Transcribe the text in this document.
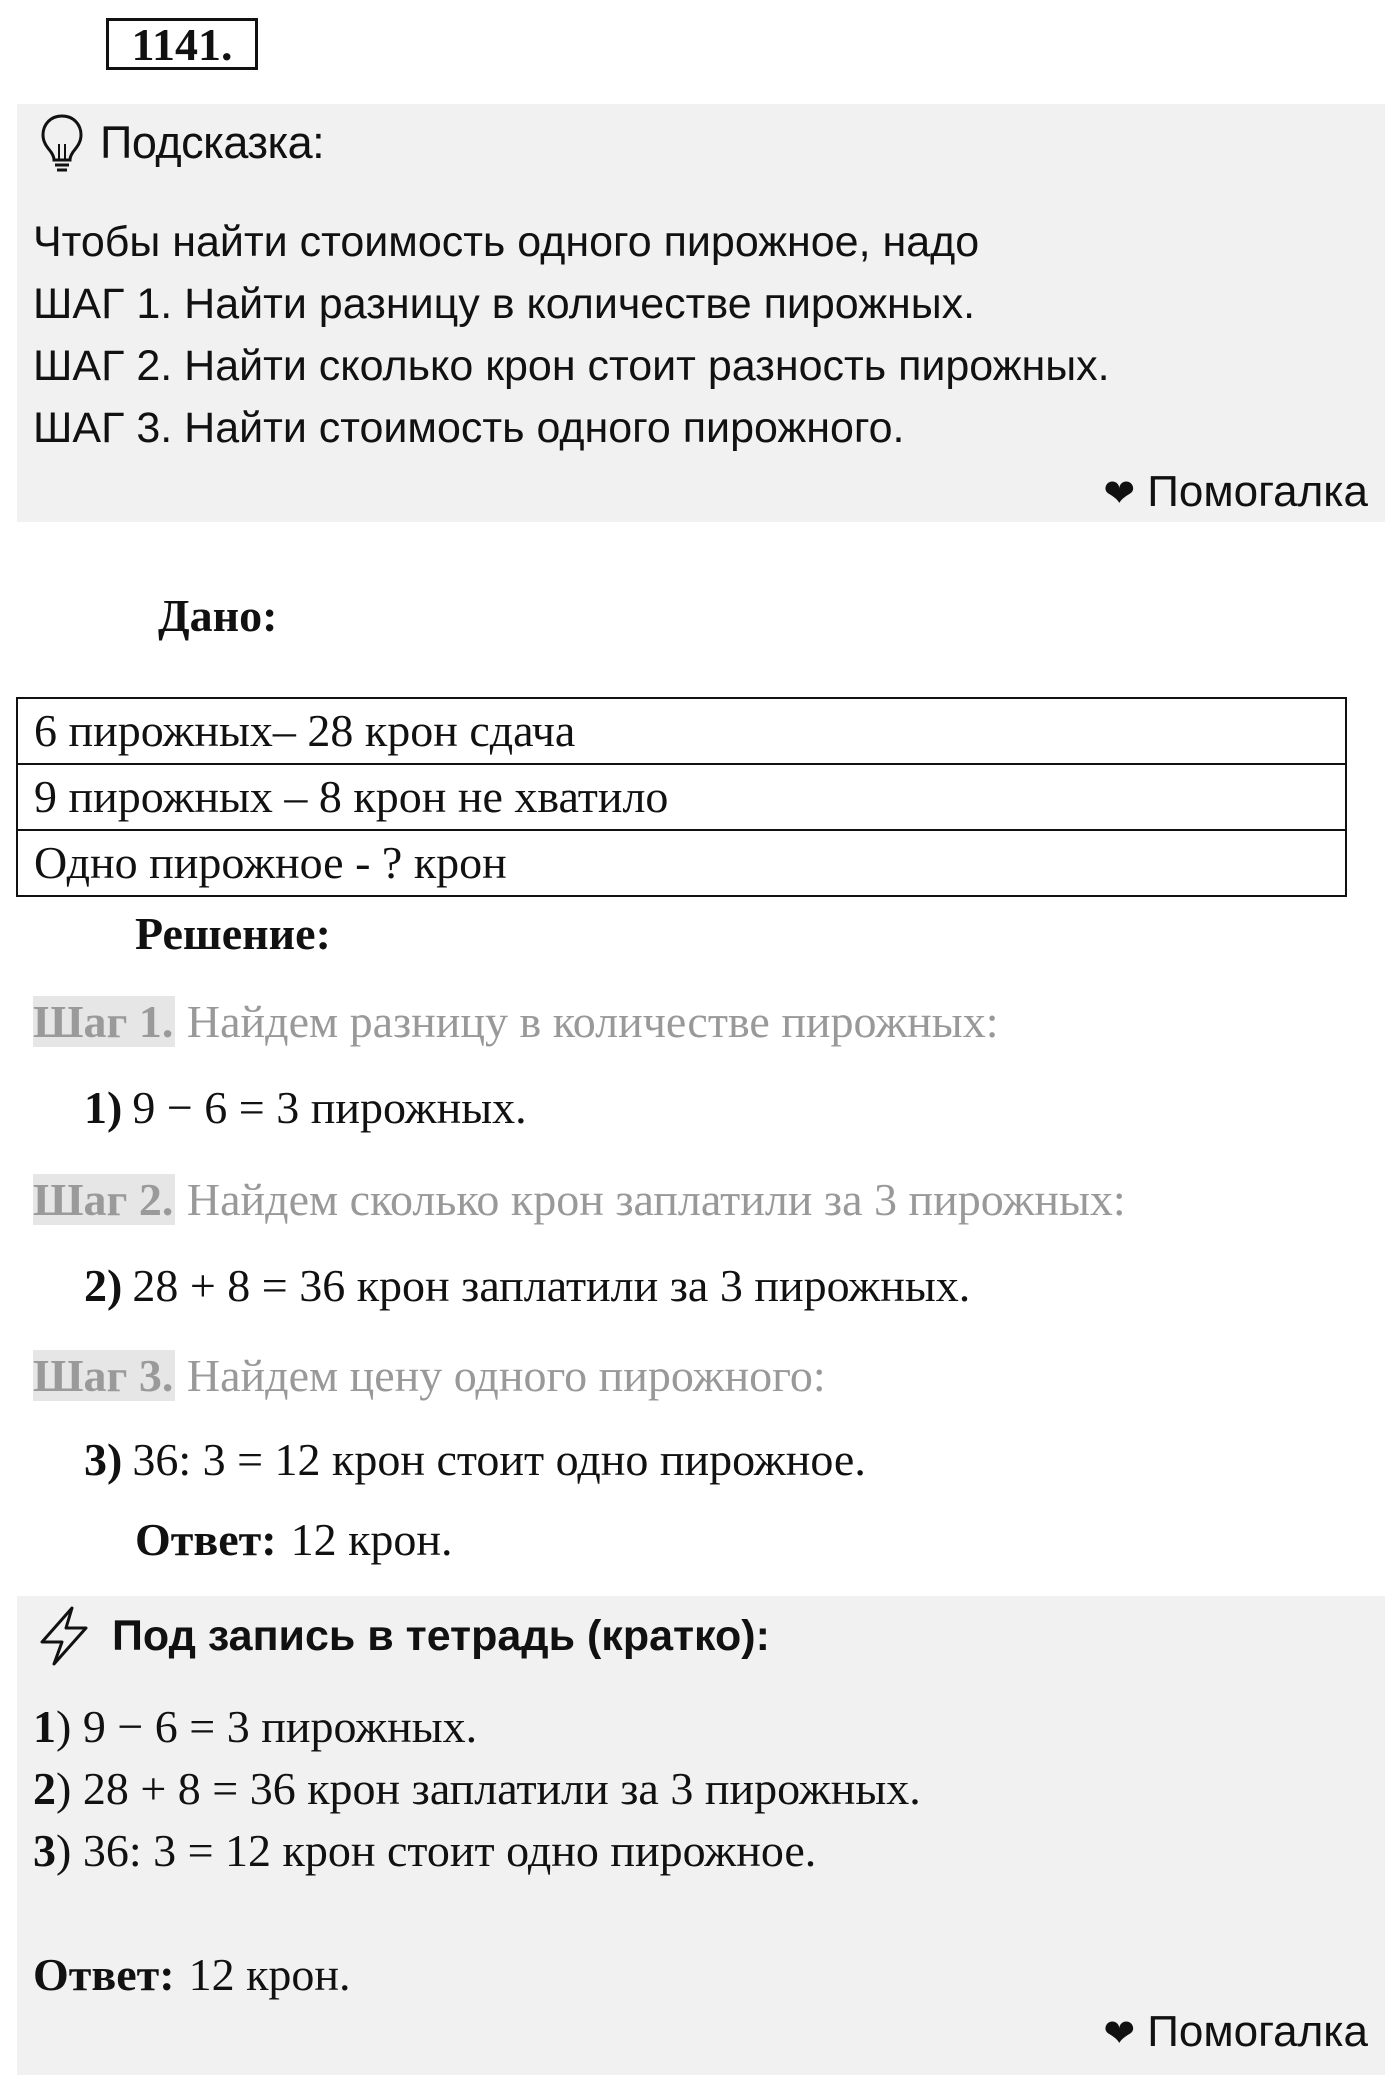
1141.
Подсказка:
Чтобы найти стоимость одного пирожное, надо
ШАГ 1. Найти разницу в количестве пирожных.
ШАГ 2. Найти сколько крон стоит разность пирожных.
ШАГ 3. Найти стоимость одного пирожного.
❤ Помогалка
Дано:
6 пирожных– 28 крон сдача
9 пирожных – 8 крон не хватило
Одно пирожное - ? крон
Решение:
Шаг 1. Найдем разницу в количестве пирожных:
1) 9 − 6 = 3 пирожных.
Шаг 2. Найдем сколько крон заплатили за 3 пирожных:
2) 28 + 8 = 36 крон заплатили за 3 пирожных.
Шаг 3. Найдем цену одного пирожного:
3) 36: 3 = 12 крон стоит одно пирожное.
Ответ: 12 крон.
Под запись в тетрадь (кратко):
1) 9 − 6 = 3 пирожных.
2) 28 + 8 = 36 крон заплатили за 3 пирожных.
3) 36: 3 = 12 крон стоит одно пирожное.
Ответ: 12 крон.
❤ Помогалка
